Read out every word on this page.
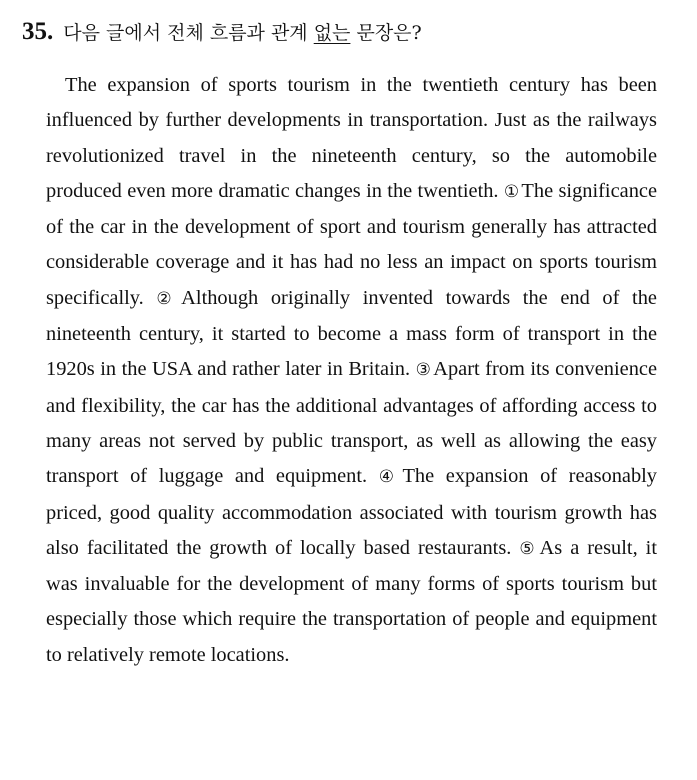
35. 다음 글에서 전체 흐름과 관계 없는 문장은?

The expansion of sports tourism in the twentieth century has been influenced by further developments in transportation. Just as the railways revolutionized travel in the nineteenth century, so the automobile produced even more dramatic changes in the twentieth. ①The significance of the car in the development of sport and tourism generally has attracted considerable coverage and it has had no less an impact on sports tourism specifically. ②Although originally invented towards the end of the nineteenth century, it started to become a mass form of transport in the 1920s in the USA and rather later in Britain. ③Apart from its convenience and flexibility, the car has the additional advantages of affording access to many areas not served by public transport, as well as allowing the easy transport of luggage and equipment. ④The expansion of reasonably priced, good quality accommodation associated with tourism growth has also facilitated the growth of locally based restaurants. ⑤As a result, it was invaluable for the development of many forms of sports tourism but especially those which require the transportation of people and equipment to relatively remote locations.
